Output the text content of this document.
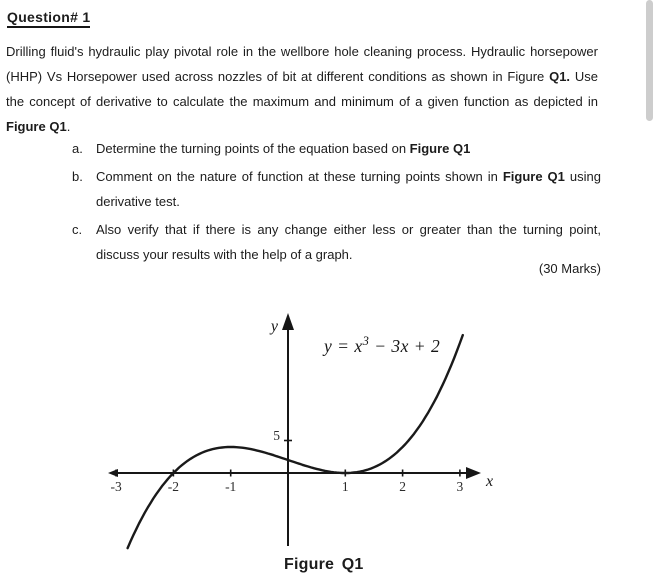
Question# 1
Drilling fluid's hydraulic play pivotal role in the wellbore hole cleaning process. Hydraulic horsepower (HHP) Vs Horsepower used across nozzles of bit at different conditions as shown in Figure Q1. Use the concept of derivative to calculate the maximum and minimum of a given function as depicted in Figure Q1.
a.	Determine the turning points of the equation based on Figure Q1
b.	Comment on the nature of function at these turning points shown in Figure Q1 using derivative test.
c.	Also verify that if there is any change either less or greater than the turning point, discuss your results with the help of a graph.
(30 Marks)
-3	-2	-1	1	2	3
5
y
x
$y = x^3 - 3x + 2$
Figure Q1
